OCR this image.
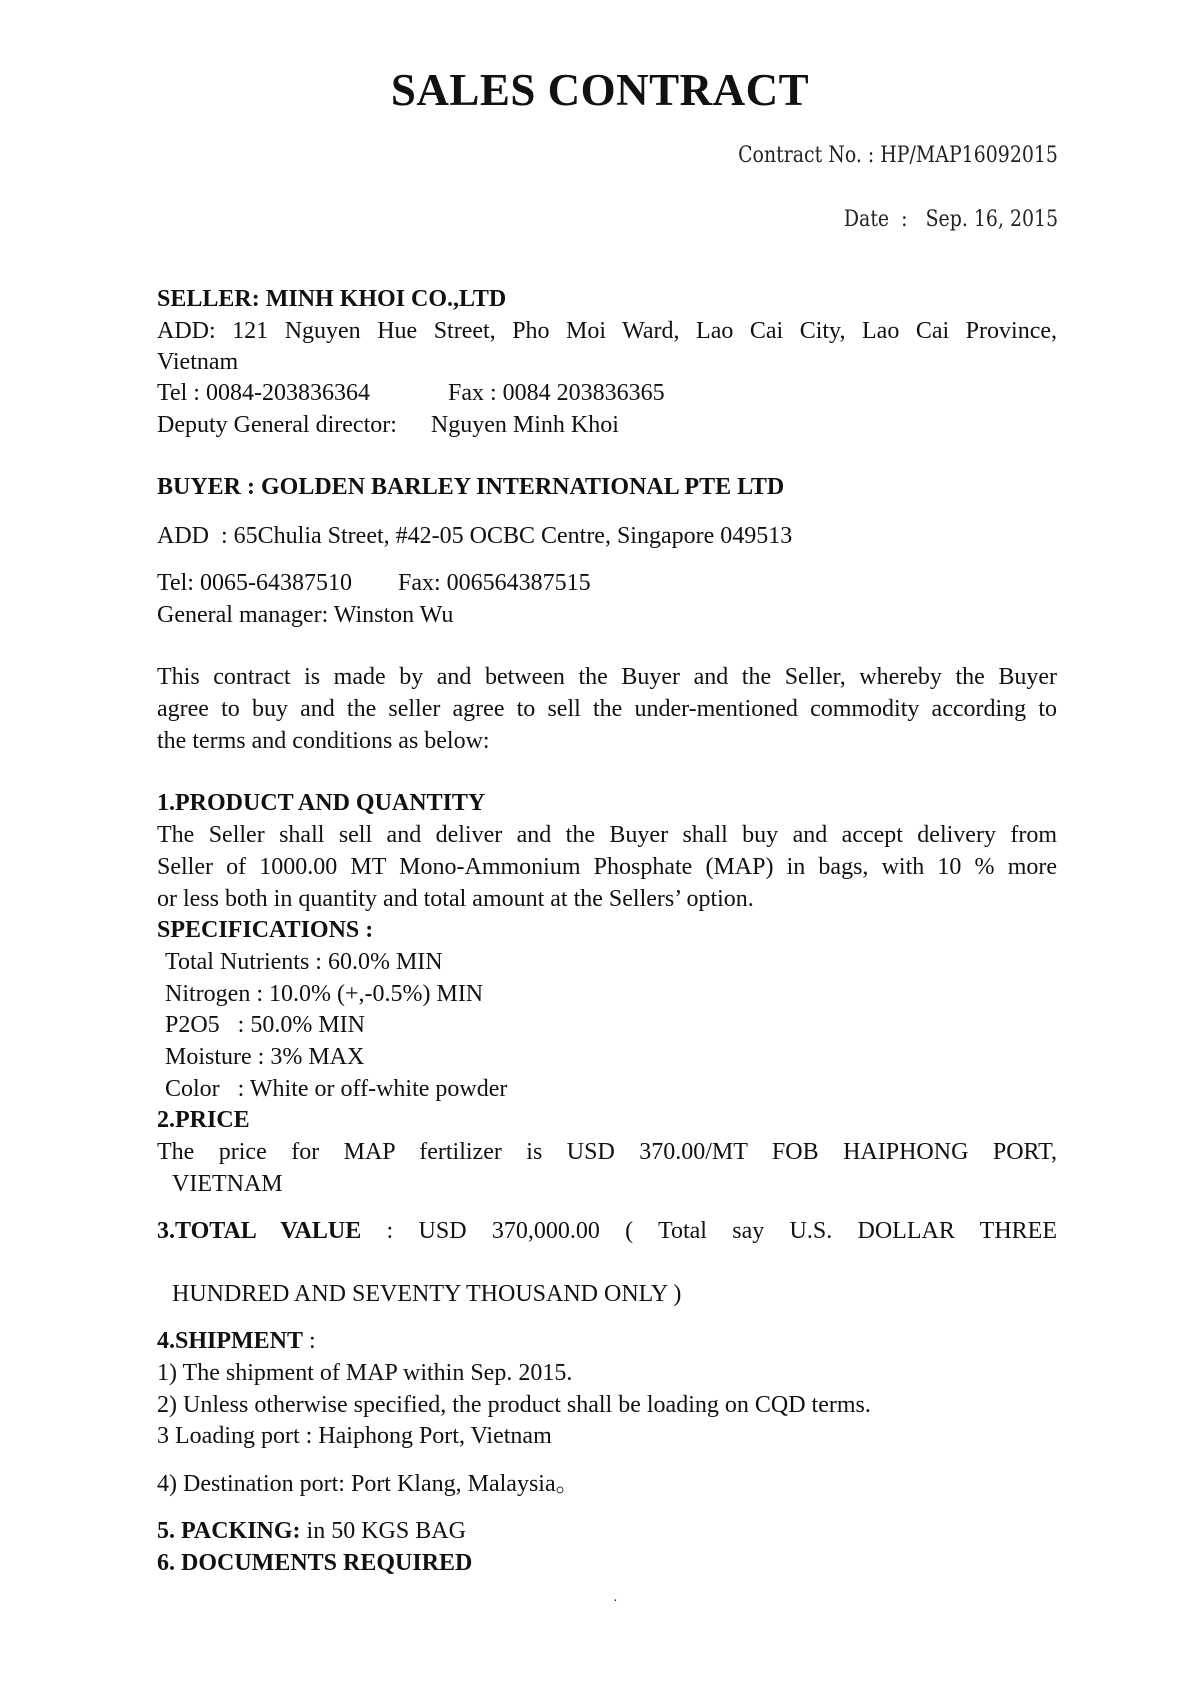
SALES CONTRACT
Contract No. : HP/MAP16092015
Date  :   Sep. 16, 2015
SELLER: MINH KHOI CO.,LTD
ADD: 121 Nguyen Hue Street, Pho Moi Ward, Lao Cai City, Lao Cai Province,
Vietnam
Tel : 0084-203836364	Fax : 0084 203836365
Deputy General director: Nguyen Minh Khoi
BUYER : GOLDEN BARLEY INTERNATIONAL PTE LTD
ADD  : 65Chulia Street, #42-05 OCBC Centre, Singapore 049513
Tel: 0065-64387510 Fax: 006564387515
General manager: Winston Wu
This contract is made by and between the Buyer and the Seller, whereby the Buyer
agree to buy and the seller agree to sell the under-mentioned commodity according to
the terms and conditions as below:
1.PRODUCT AND QUANTITY
The Seller shall sell and deliver and the Buyer shall buy and accept delivery from
Seller of 1000.00 MT Mono-Ammonium Phosphate (MAP) in bags, with 10 % more
or less both in quantity and total amount at the Sellers’ option.
SPECIFICATIONS :
Total Nutrients : 60.0% MIN
Nitrogen : 10.0% (+,-0.5%) MIN
P2O5   : 50.0% MIN
Moisture : 3% MAX
Color   : White or off-white powder
2.PRICE
The price for MAP fertilizer is USD 370.00/MT FOB HAIPHONG PORT,
VIETNAM
3.TOTAL VALUE : USD 370,000.00 ( Total say U.S. DOLLAR THREE
HUNDRED AND SEVENTY THOUSAND ONLY )
4.SHIPMENT :
1) The shipment of MAP within Sep. 2015.
2) Unless otherwise specified, the product shall be loading on CQD terms.
3 Loading port : Haiphong Port, Vietnam
4) Destination port: Port Klang, Malaysia。
5. PACKING: in 50 KGS BAG
6. DOCUMENTS REQUIRED
·
